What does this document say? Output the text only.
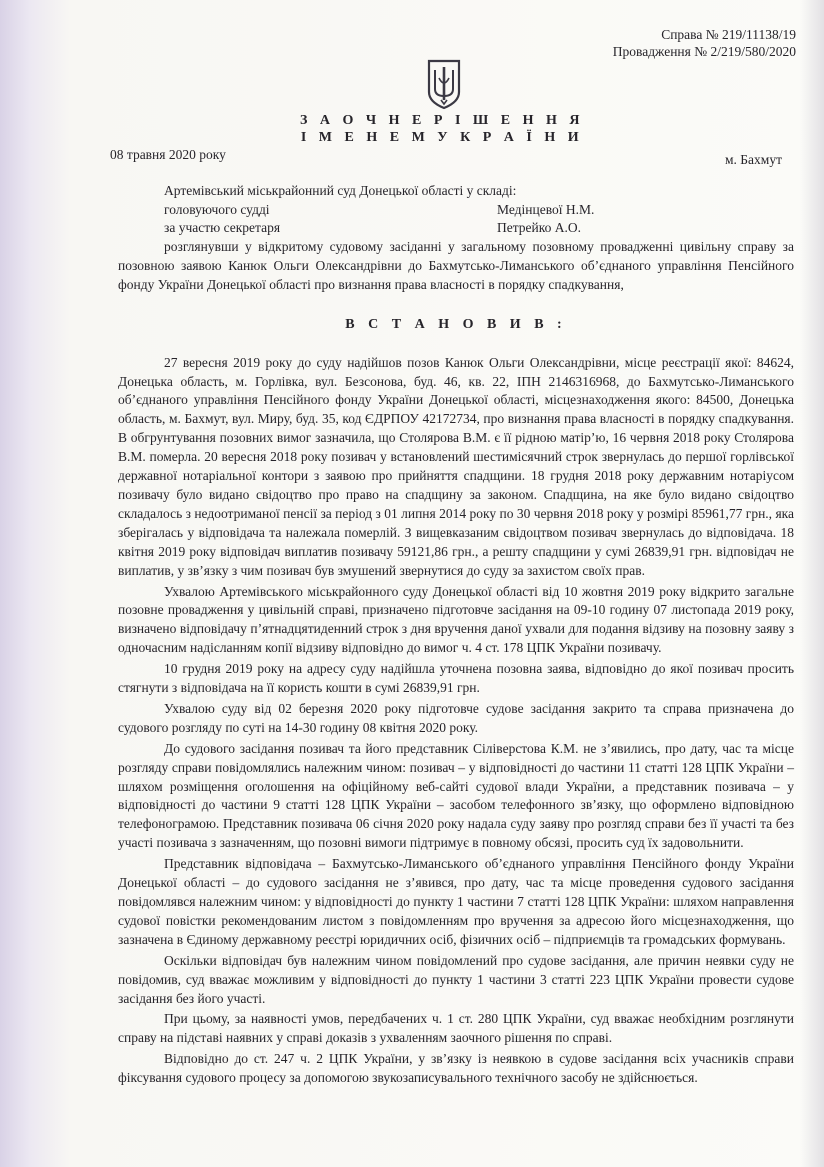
Справа № 219/11138/19
Провадження № 2/219/580/2020
З А О Ч Н Е Р І Ш Е Н Н Я
І М Е Н Е М У К Р А Ї Н И
08 травня 2020 року	м. Бахмут
Артемівський міськрайонний суд Донецької області у складі:
головуючого судді	Медінцевої Н.М.
за участю секретаря	Петрейко А.О.

розглянувши у відкритому судовому засіданні у загальному позовному провадженні цивільну справу за позовною заявою Канюк Ольги Олександрівни до Бахмутсько-Лиманського об’єднаного управління Пенсійного фонду України Донецької області про визнання права власності в порядку спадкування,

В С Т А Н О В И В :

27 вересня 2019 року до суду надійшов позов Канюк Ольги Олександрівни, місце реєстрації якої: 84624, Донецька область, м. Горлівка, вул. Безсонова, буд. 46, кв. 22, ІПН 2146316968, до Бахмутсько-Лиманського об’єднаного управління Пенсійного фонду України Донецької області, місцезнаходження якого: 84500, Донецька область, м. Бахмут, вул. Миру, буд. 35, код ЄДРПОУ 42172734, про визнання права власності в порядку спадкування. В обгрунтування позовних вимог зазначила, що Столярова В.М. є її рідною матір’ю, 16 червня 2018 року Столярова В.М. померла. 20 вересня 2018 року позивач у встановлений шестимісячний строк звернулась до першої горлівської державної нотаріальної контори з заявою про прийняття спадщини. 18 грудня 2018 року державним нотаріусом позивачу було видано свідоцтво про право на спадщину за законом. Спадщина, на яке було видано свідоцтво складалось з недоотриманої пенсії за період з 01 липня 2014 року по 30 червня 2018 року у розмірі 85961,77 грн., яка зберігалась у відповідача та належала померлій. З вищевказаним свідоцтвом позивач звернулась до відповідача. 18 квітня 2019 року відповідач виплатив позивачу 59121,86 грн., а решту спадщини у сумі 26839,91 грн. відповідач не виплатив, у зв’язку з чим позивач був змушений звернутися до суду за захистом своїх прав.

Ухвалою Артемівського міськрайонного суду Донецької області від 10 жовтня 2019 року відкрито загальне позовне провадження у цивільній справі, призначено підготовче засідання на 09-10 годину 07 листопада 2019 року, визначено відповідачу п’ятнадцятиденний строк з дня вручення даної ухвали для подання відзиву на позовну заяву з одночасним надісланням копії відзиву відповідно до вимог ч. 4 ст. 178 ЦПК України позивачу.

10 грудня 2019 року на адресу суду надійшла уточнена позовна заява, відповідно до якої позивач просить стягнути з відповідача на її користь кошти в сумі 26839,91 грн.

Ухвалою суду від 02 березня 2020 року підготовче судове засідання закрито та справа призначена до судового розгляду по суті на 14-30 годину 08 квітня 2020 року.

До судового засідання позивач та його представник Сіліверстова К.М. не з’явились, про дату, час та місце розгляду справи повідомлялись належним чином: позивач – у відповідності до частини 11 статті 128 ЦПК України – шляхом розміщення оголошення на офіційному веб-сайті судової влади України, а представник позивача – у відповідності до частини 9 статті 128 ЦПК України – засобом телефонного зв’язку, що оформлено відповідною телефонограмою. Представник позивача 06 січня 2020 року надала суду заяву про розгляд справи без її участі та без участі позивача з зазначенням, що позовні вимоги підтримує в повному обсязі, просить суд їх задовольнити.

Представник відповідача – Бахмутсько-Лиманського об’єднаного управління Пенсійного фонду України Донецької області – до судового засідання не з’явився, про дату, час та місце проведення судового засідання повідомлявся належним чином: у відповідності до пункту 1 частини 7 статті 128 ЦПК України: шляхом направлення судової повістки рекомендованим листом з повідомленням про вручення за адресою його місцезнаходження, що зазначена в Єдиному державному реєстрі юридичних осіб, фізичних осіб – підприємців та громадських формувань.

Оскільки відповідач був належним чином повідомлений про судове засідання, але причин неявки суду не повідомив, суд вважає можливим у відповідності до пункту 1 частини 3 статті 223 ЦПК України провести судове засідання без його участі.

При цьому, за наявності умов, передбачених ч. 1 ст. 280 ЦПК України, суд вважає необхідним розглянути справу на підставі наявних у справі доказів з ухваленням заочного рішення по справі.

Відповідно до ст. 247 ч. 2 ЦПК України, у зв’язку із неявкою в судове засідання всіх учасників справи фіксування судового процесу за допомогою звукозаписувального технічного засобу не здійснюється.
